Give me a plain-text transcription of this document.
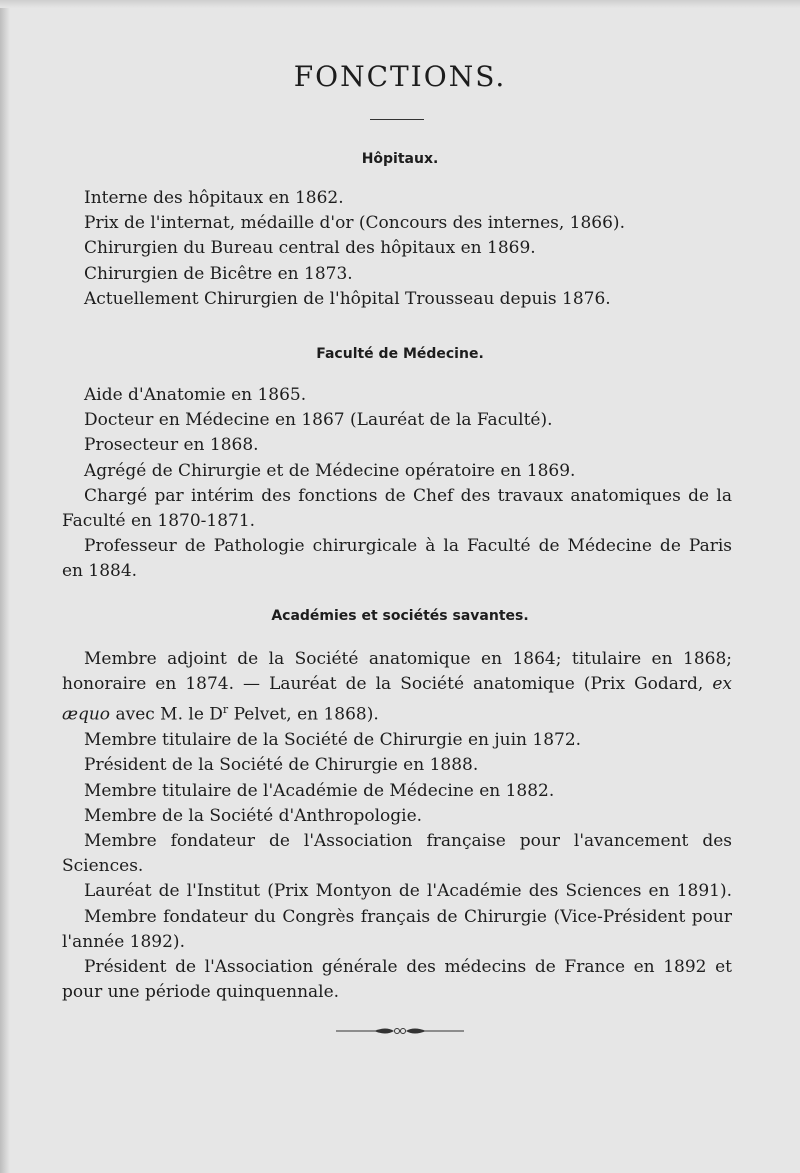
FONCTIONS.
Hôpitaux.

Interne des hôpitaux en 1862.

Prix de l'internat, médaille d'or (Concours des internes, 1866).

Chirurgien du Bureau central des hôpitaux en 1869.

Chirurgien de Bicêtre en 1873.

Actuellement Chirurgien de l'hôpital Trousseau depuis 1876.

Faculté de Médecine.

Aide d'Anatomie en 1865.

Docteur en Médecine en 1867 (Lauréat de la Faculté).

Prosecteur en 1868.

Agrégé de Chirurgie et de Médecine opératoire en 1869.

Chargé par intérim des fonctions de Chef des travaux anatomiques de la Faculté en 1870-1871.

Professeur de Pathologie chirurgicale à la Faculté de Médecine de Paris en 1884.

Académies et sociétés savantes.

Membre adjoint de la Société anatomique en 1864; titulaire en 1868; honoraire en 1874. — Lauréat de la Société anatomique (Prix Godard, ex æquo avec M. le $D^r$ Pelvet, en 1868).

Membre titulaire de la Société de Chirurgie en juin 1872.

Président de la Société de Chirurgie en 1888.

Membre titulaire de l'Académie de Médecine en 1882.

Membre de la Société d'Anthropologie.

Membre fondateur de l'Association française pour l'avancement des Sciences.

Lauréat de l'Institut (Prix Montyon de l'Académie des Sciences en 1891).

Membre fondateur du Congrès français de Chirurgie (Vice-Président pour l'année 1892).

Président de l'Association générale des médecins de France en 1892 et pour une période quinquennale.
